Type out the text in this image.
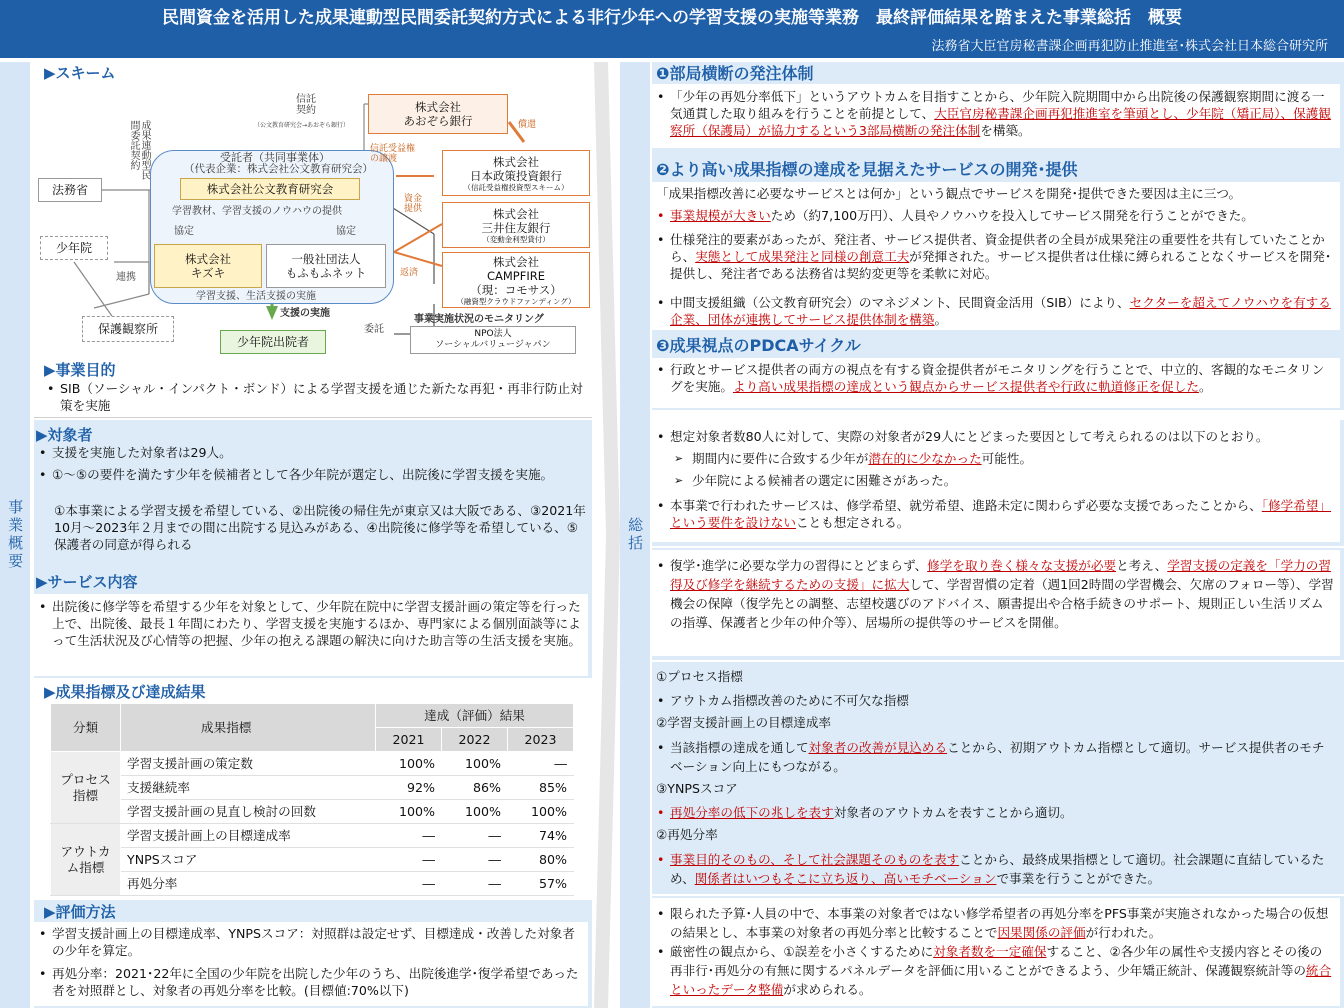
民間資金を活用した成果連動型民間委託契約方式による非行少年への学習支援の実施等業務　最終評価結果を踏まえた事業総括　概要
法務省大臣官房秘書課企画再犯防止推進室･株式会社日本総合研究所
事業概要	総括
▶スキーム
成果連動型民間委託契約
法務省
少年院
連携
保護観察所
受託者（共同事業体）
（代表企業：株式会社公文教育研究会）
株式会社公文教育研究会
学習教材、学習支援のノウハウの提供
協定	協定
株式会社
キズキ
一般社団法人
もふもふネット
学習支援、生活支援の実施
支援の実施
少年院出院者
信託
契約
（公文教育研究会→あおぞら銀行）
株式会社
あおぞら銀行	償還
信託受益権
の譲渡	株式会社
日本政策投資銀行
（信託受益権投資型スキーム）
資金
提供	株式会社
三井住友銀行
（変動金利型貸付）
返済
株式会社
CAMPFIRE
（現：コモサス）
（融資型クラウドファンディング）
事業実施状況のモニタリング
委託	NPO法人
ソーシャルバリュージャパン
▶事業目的
• SIB（ソーシャル・インパクト・ボンド）による学習支援を通じた新たな再犯・再非行防止対策を実施
▶対象者
• 支援を実施した対象者は29人。
• ①～⑤の要件を満たす少年を候補者として各少年院が選定し、出院後に学習支援を実施。
①本事業による学習支援を希望している、②出院後の帰住先が東京又は大阪である、③2021年10月～2023年２月までの間に出院する見込みがある、④出院後に修学等を希望している、⑤保護者の同意が得られる
▶サービス内容
• 出院後に修学等を希望する少年を対象として、少年院在院中に学習支援計画の策定等を行った上で、出院後、最長１年間にわたり、学習支援を実施するほか、専門家による個別面談等によって生活状況及び心情等の把握、少年の抱える課題の解決に向けた助言等の生活支援を実施。
▶成果指標及び達成結果
分類	成果指標	達成（評価）結果		
		2021	2022	2023
プロセス
指標	学習支援計画の策定数	100%	100%	―
	支援継続率	92%	86%	85%
	学習支援計画の見直し検討の回数	100%	100%	100%
アウトカ
ム指標	学習支援計画上の目標達成率	―	―	74%
	YNPSスコア	―	―	80%
	再処分率	―	―	57%
▶評価方法
• 学習支援計画上の目標達成率、YNPSスコア：対照群は設定せず、目標達成・改善した対象者の少年を算定。
• 再処分率：2021･22年に全国の少年院を出院した少年のうち、出院後進学･復学希望であった者を対照群とし、対象者の再処分率を比較。(目標値:70%以下)
❶部局横断の発注体制
• 「少年の再処分率低下」というアウトカムを目指すことから、少年院入院期間中から出院後の保護観察期間に渡る一気通貫した取り組みを行うことを前提として、大臣官房秘書課企画再犯推進室を筆頭とし、少年院（矯正局）、保護観察所（保護局）が協力するという3部局横断の発注体制を構築。
❷より高い成果指標の達成を見据えたサービスの開発･提供
「成果指標改善に必要なサービスとは何か」という観点でサービスを開発･提供できた要因は主に三つ。
• 事業規模が大きいため（約7,100万円）、人員やノウハウを投入してサービス開発を行うことができた。
• 仕様発注的要素があったが、発注者、サービス提供者、資金提供者の全員が成果発注の重要性を共有していたことから、実態として成果発注と同様の創意工夫が発揮された。サービス提供者は仕様に縛られることなくサービスを開発･提供し、発注者である法務省は契約変更等を柔軟に対応。
• 中間支援組織（公文教育研究会）のマネジメント、民間資金活用（SIB）により、セクターを超えてノウハウを有する企業、団体が連携してサービス提供体制を構築。
❸成果視点のPDCAサイクル
• 行政とサービス提供者の両方の視点を有する資金提供者がモニタリングを行うことで、中立的、客観的なモニタリングを実施。より高い成果指標の達成という観点からサービス提供者や行政に軌道修正を促した。
• 想定対象者数80人に対して、実際の対象者が29人にとどまった要因として考えられるのは以下のとおり。
➢ 期間内に要件に合致する少年が潜在的に少なかった可能性。
➢ 少年院による候補者の選定に困難さがあった。
• 本事業で行われたサービスは、修学希望、就労希望、進路未定に関わらず必要な支援であったことから、「修学希望」という要件を設けないことも想定される。
• 復学･進学に必要な学力の習得にとどまらず、修学を取り巻く様々な支援が必要と考え、学習支援の定義を「学力の習得及び修学を継続するための支援」に拡大して、学習習慣の定着（週1回2時間の学習機会、欠席のフォロー等）、学習機会の保障（復学先との調整、志望校選びのアドバイス、願書提出や合格手続きのサポート、規則正しい生活リズムの指導、保護者と少年の仲介等）、居場所の提供等のサービスを開催。
①プロセス指標
• アウトカム指標改善のために不可欠な指標
②学習支援計画上の目標達成率
• 当該指標の達成を通して対象者の改善が見込めることから、初期アウトカム指標として適切。サービス提供者のモチベーション向上にもつながる。
③YNPSスコア
• 再処分率の低下の兆しを表す対象者のアウトカムを表すことから適切。
②再処分率
• 事業目的そのもの、そして社会課題そのものを表すことから、最終成果指標として適切。社会課題に直結しているため、関係者はいつもそこに立ち返り、高いモチベーションで事業を行うことができた。
• 限られた予算･人員の中で、本事業の対象者ではない修学希望者の再処分率をPFS事業が実施されなかった場合の仮想の結果とし、本事業の対象者の再処分率と比較することで因果関係の評価が行われた。
• 厳密性の観点から、①誤差を小さくするために対象者数を一定確保すること、②各少年の属性や支援内容とその後の再非行･再処分の有無に関するパネルデータを評価に用いることができるよう、少年矯正統計、保護観察統計等の統合といったデータ整備が求められる。
